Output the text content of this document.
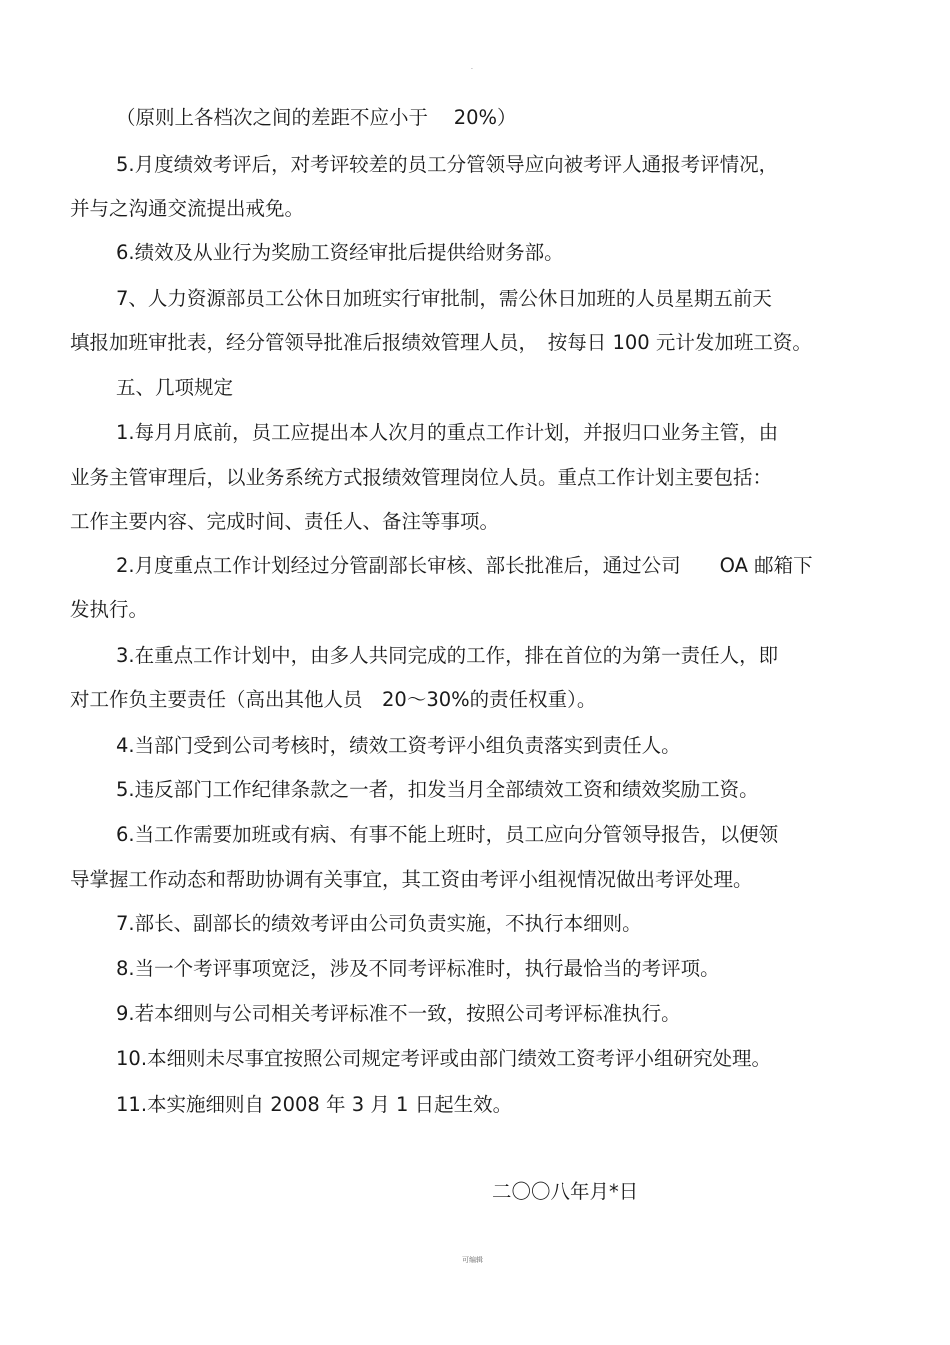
·

（原则上各档次之间的差距不应小于　 20%）

5.月度绩效考评后，对考评较差的员工分管领导应向被考评人通报考评情况，

并与之沟通交流提出戒免。

6.绩效及从业行为奖励工资经审批后提供给财务部。

7、人力资源部员工公休日加班实行审批制，需公休日加班的人员星期五前天

填报加班审批表，经分管领导批准后报绩效管理人员，　按每日 100 元计发加班工资。

五、几项规定

1.每月月底前，员工应提出本人次月的重点工作计划，并报归口业务主管，由

业务主管审理后，以业务系统方式报绩效管理岗位人员。重点工作计划主要包括：

工作主要内容、完成时间、责任人、备注等事项。

2.月度重点工作计划经过分管副部长审核、部长批准后，通过公司　　OA 邮箱下

发执行。

3.在重点工作计划中，由多人共同完成的工作，排在首位的为第一责任人，即

对工作负主要责任（高出其他人员　20～30%的责任权重）。

4.当部门受到公司考核时，绩效工资考评小组负责落实到责任人。

5.违反部门工作纪律条款之一者，扣发当月全部绩效工资和绩效奖励工资。

6.当工作需要加班或有病、有事不能上班时，员工应向分管领导报告，以便领

导掌握工作动态和帮助协调有关事宜，其工资由考评小组视情况做出考评处理。

7.部长、副部长的绩效考评由公司负责实施，不执行本细则。

8.当一个考评事项宽泛，涉及不同考评标准时，执行最恰当的考评项。

9.若本细则与公司相关考评标准不一致，按照公司考评标准执行。

10.本细则未尽事宜按照公司规定考评或由部门绩效工资考评小组研究处理。

11.本实施细则自 2008 年 3 月 1 日起生效。

二〇〇八年月*日
可编辑
